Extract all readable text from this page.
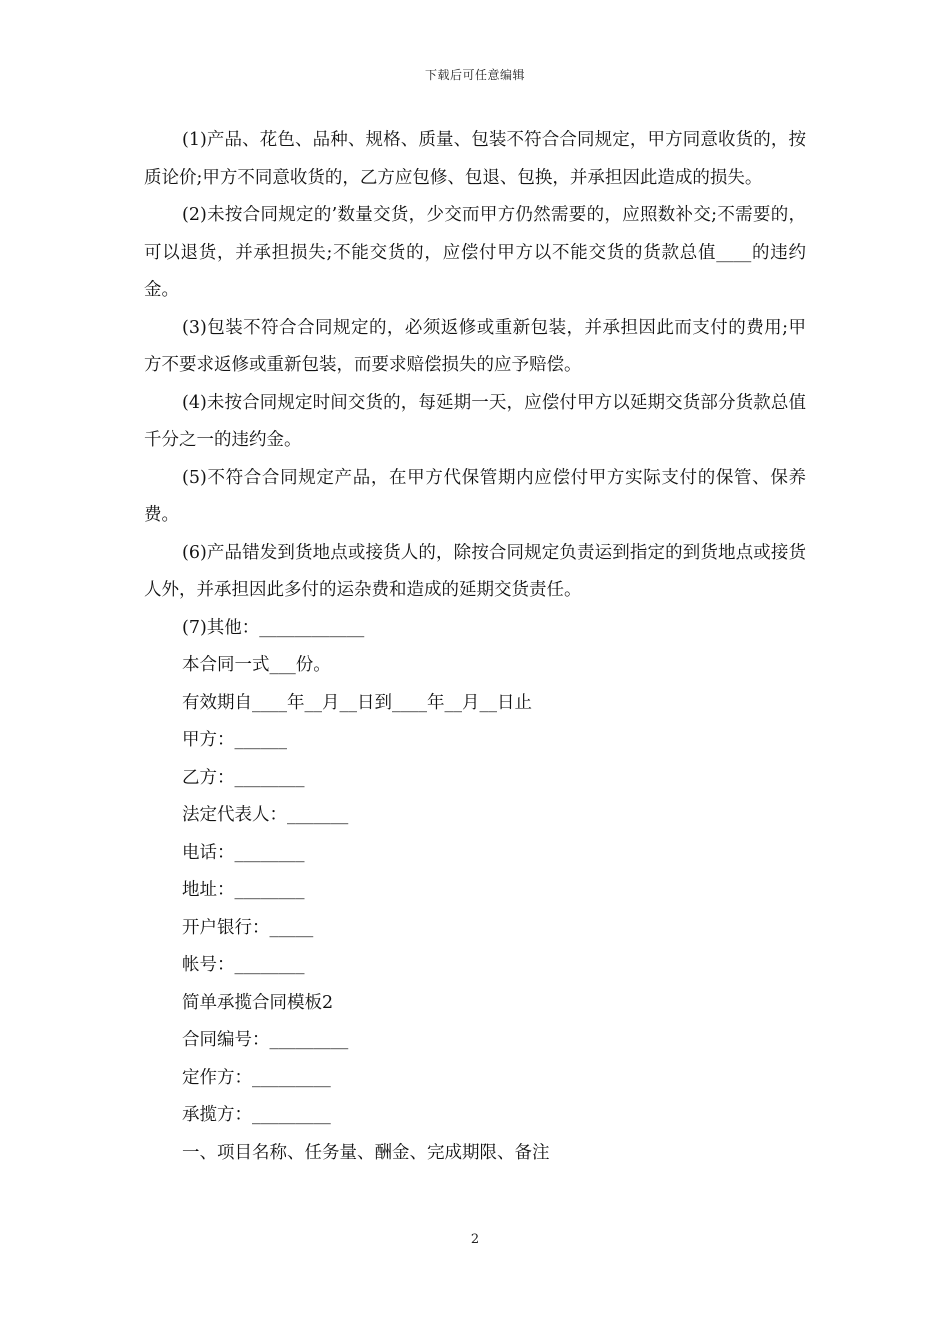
下载后可任意编辑

(1)产品、花色、品种、规格、质量、包装不符合合同规定，甲方同意收货的，按质论价;甲方不同意收货的，乙方应包修、包退、包换，并承担因此造成的损失。

(2)未按合同规定的’数量交货，少交而甲方仍然需要的，应照数补交;不需要的，可以退货，并承担损失;不能交货的，应偿付甲方以不能交货的货款总值____的违约金。

(3)包装不符合合同规定的，必须返修或重新包装，并承担因此而支付的费用;甲方不要求返修或重新包装，而要求赔偿损失的应予赔偿。

(4)未按合同规定时间交货的，每延期一天，应偿付甲方以延期交货部分货款总值千分之一的违约金。

(5)不符合合同规定产品，在甲方代保管期内应偿付甲方实际支付的保管、保养费。

(6)产品错发到货地点或接货人的，除按合同规定负责运到指定的到货地点或接货人外，并承担因此多付的运杂费和造成的延期交货责任。

(7)其他：____________

本合同一式___份。

有效期自____年__月__日到____年__月__日止

甲方：______

乙方：________

法定代表人：_______

电话：________

地址：________

开户银行：_____

帐号：________

简单承揽合同模板2

合同编号：_________

定作方：_________

承揽方：_________

一、项目名称、任务量、酬金、完成期限、备注

2
